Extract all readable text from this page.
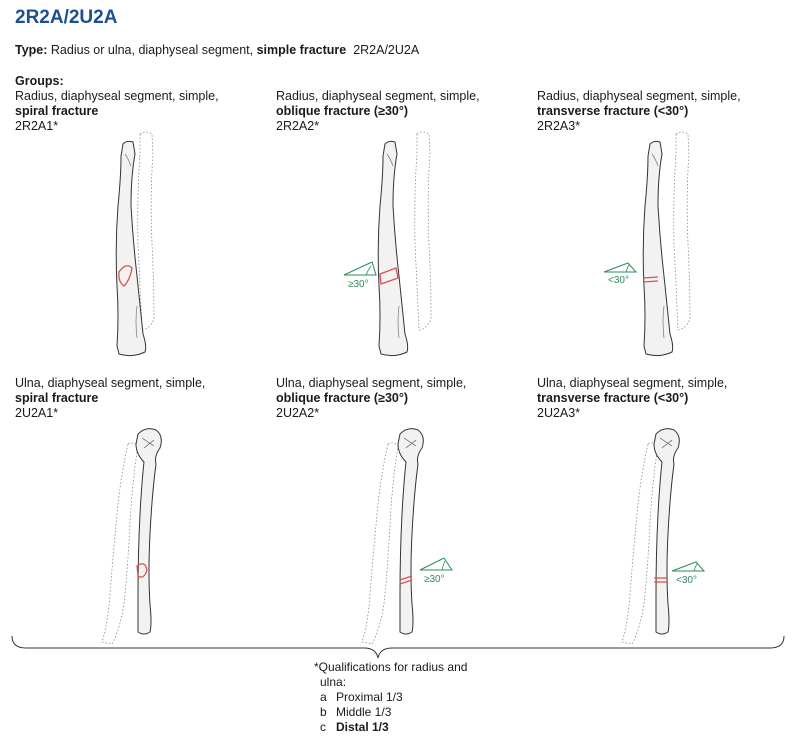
2R2A/2U2A
Type: Radius or ulna, diaphyseal segment, simple fracture 2R2A/2U2A
Groups:
Radius, diaphyseal segment, simple,
spiral fracture
2R2A1*
Radius, diaphyseal segment, simple,
oblique fracture (≥30°)
2R2A2*
Radius, diaphyseal segment, simple,
transverse fracture (<30°)
2R2A3*
Ulna, diaphyseal segment, simple,
spiral fracture
2U2A1*
Ulna, diaphyseal segment, simple,
oblique fracture (≥30°)
2U2A2*
Ulna, diaphyseal segment, simple,
transverse fracture (<30°)
2U2A3*
≥30°	<30°
≥30°	<30°
*Qualifications for radius and
ulna:
a Proximal 1/3
b Middle 1/3
c Distal 1/3
